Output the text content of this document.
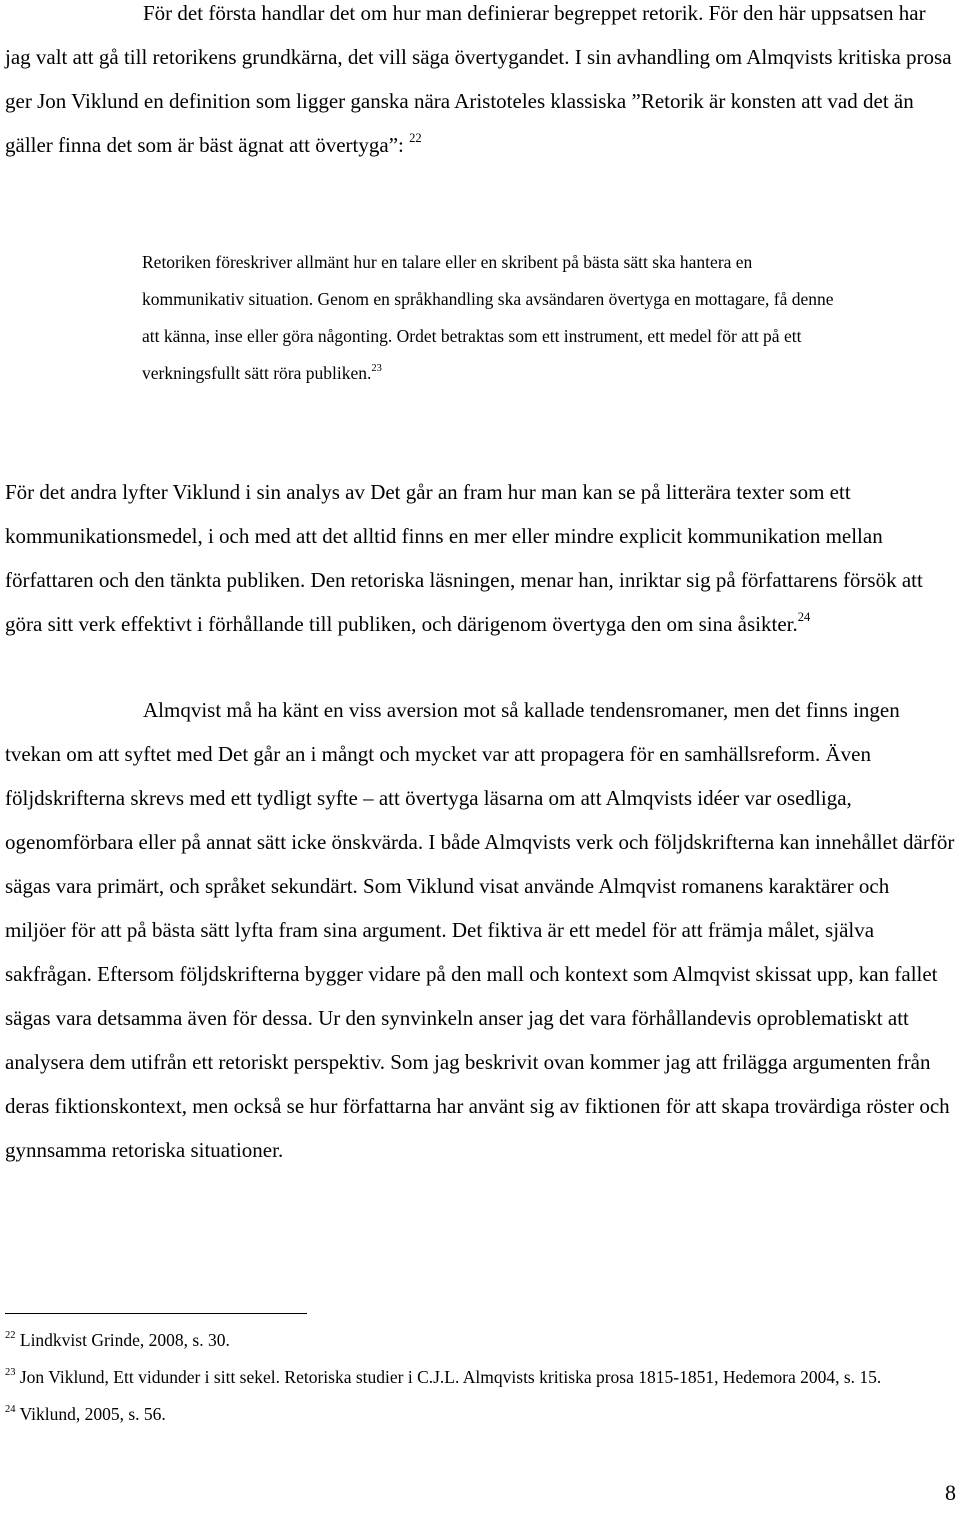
För det första handlar det om hur man definierar begreppet retorik. För den här uppsatsen har jag valt att gå till retorikens grundkärna, det vill säga övertygandet. I sin avhandling om Almqvists kritiska prosa ger Jon Viklund en definition som ligger ganska nära Aristoteles klassiska ”Retorik är konsten att vad det än gäller finna det som är bäst ägnat att övertyga”: $^{22}$

Retoriken föreskriver allmänt hur en talare eller en skribent på bästa sätt ska hantera en kommunikativ situation. Genom en språkhandling ska avsändaren övertyga en mottagare, få denne att känna, inse eller göra någonting. Ordet betraktas som ett instrument, ett medel för att på ett verkningsfullt sätt röra publiken.$^{23}$

För det andra lyfter Viklund i sin analys av Det går an fram hur man kan se på litterära texter som ett kommunikationsmedel, i och med att det alltid finns en mer eller mindre explicit kommunikation mellan författaren och den tänkta publiken. Den retoriska läsningen, menar han, inriktar sig på författarens försök att göra sitt verk effektivt i förhållande till publiken, och därigenom övertyga den om sina åsikter.$^{24}$

Almqvist må ha känt en viss aversion mot så kallade tendensromaner, men det finns ingen tvekan om att syftet med Det går an i mångt och mycket var att propagera för en samhällsreform. Även följdskrifterna skrevs med ett tydligt syfte – att övertyga läsarna om att Almqvists idéer var osedliga, ogenomförbara eller på annat sätt icke önskvärda. I både Almqvists verk och följdskrifterna kan innehållet därför sägas vara primärt, och språket sekundärt. Som Viklund visat använde Almqvist romanens karaktärer och miljöer för att på bästa sätt lyfta fram sina argument. Det fiktiva är ett medel för att främja målet, själva sakfrågan. Eftersom följdskrifterna bygger vidare på den mall och kontext som Almqvist skissat upp, kan fallet sägas vara detsamma även för dessa. Ur den synvinkeln anser jag det vara förhållandevis oproblematiskt att analysera dem utifrån ett retoriskt perspektiv. Som jag beskrivit ovan kommer jag att frilägga argumenten från deras fiktionskontext, men också se hur författarna har använt sig av fiktionen för att skapa trovärdiga röster och gynnsamma retoriska situationer.

$^{22}$ Lindkvist Grinde, 2008, s. 30.

$^{23}$ Jon Viklund, Ett vidunder i sitt sekel. Retoriska studier i C.J.L. Almqvists kritiska prosa 1815-1851, Hedemora 2004, s. 15.

$^{24}$ Viklund, 2005, s. 56.

8
